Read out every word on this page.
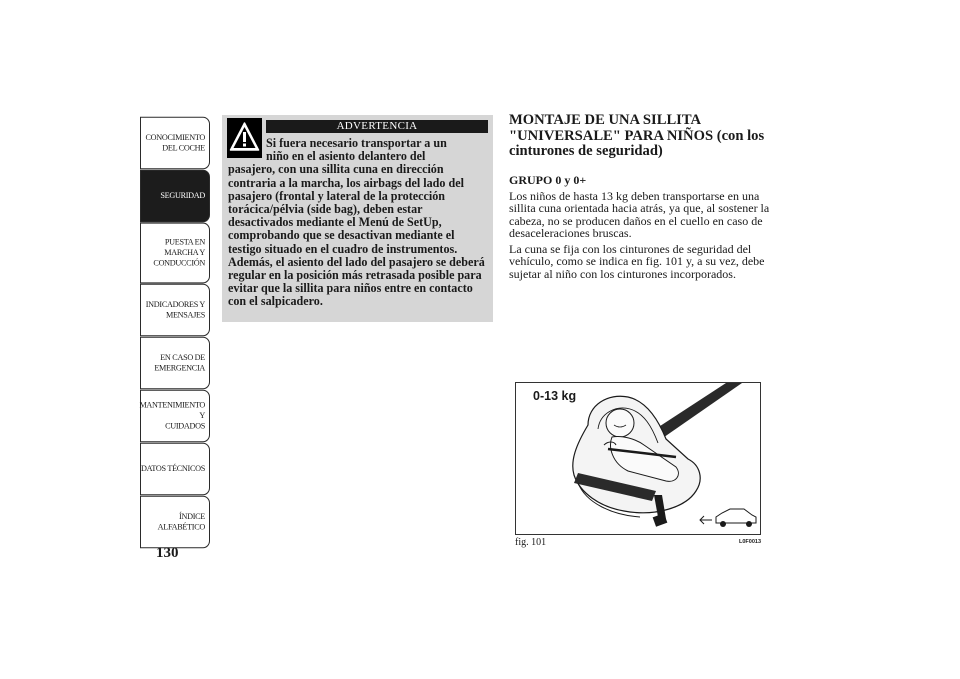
CONOCIMIENTO
DEL COCHE
SEGURIDAD
PUESTA EN
MARCHA Y
CONDUCCIÓN
INDICADORES Y
MENSAJES
EN CASO DE
EMERGENCIA
MANTENIMIENTO Y
CUIDADOS
DATOS TÉCNICOS
ÍNDICE
ALFABÉTICO
130
ADVERTENCIA
Si fuera necesario transportar a un
niño en el asiento delantero del
pasajero, con una sillita cuna en dirección contraria a la marcha, los airbags del lado del pasajero (frontal y lateral de la protección torácica/pélvia (side bag), deben estar desactivados mediante el Menú de SetUp, comprobando que se desactivan mediante el testigo situado en el cuadro de instrumentos. Además, el asiento del lado del pasajero se deberá regular en la posición más retrasada posible para evitar que la sillita para niños entre en contacto con el salpicadero.
MONTAJE DE UNA SILLITA "UNIVERSALE" PARA NIÑOS (con los cinturones de seguridad)

GRUPO 0 y 0+

Los niños de hasta 13 kg deben transportarse en una sillita cuna orientada hacia atrás, ya que, al sostener la cabeza, no se producen daños en el cuello en caso de desaceleraciones bruscas.

La cuna se fija con los cinturones de seguridad del vehículo, como se indica en fig. 101 y, a su vez, debe sujetar al niño con los cinturones incorporados.

0-13 kg
fig. 101	L0F0013
